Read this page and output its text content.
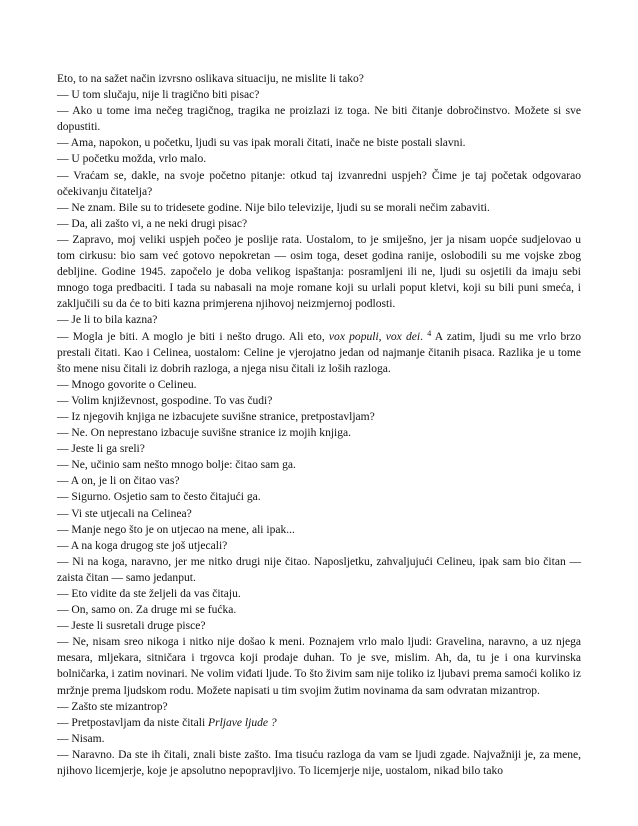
Eto, to na sažet način izvrsno oslikava situaciju, ne mislite li tako?

— U tom slučaju, nije li tragično biti pisac?

— Ako u tome ima nečeg tragičnog, tragika ne proizlazi iz toga. Ne biti čitanje dobročinstvo. Možete si sve dopustiti.

— Ama, napokon, u početku, ljudi su vas ipak morali čitati, inače ne biste postali slavni.

— U početku možda, vrlo malo.

— Vraćam se, dakle, na svoje početno pitanje: otkud taj izvanredni uspjeh? Čime je taj početak odgovarao očekivanju čitatelja?

— Ne znam. Bile su to tridesete godine. Nije bilo televizije, ljudi su se morali nečim zabaviti.

— Da, ali zašto vi, a ne neki drugi pisac?

— Zapravo, moj veliki uspjeh počeo je poslije rata. Uostalom, to je smiješno, jer ja nisam uopće sudjelovao u tom cirkusu: bio sam već gotovo nepokretan — osim toga, deset godina ranije, oslobodili su me vojske zbog debljine. Godine 1945. započelo je doba velikog ispaštanja: posramljeni ili ne, ljudi su osjetili da imaju sebi mnogo toga predbaciti. I tada su nabasali na moje romane koji su urlali poput kletvi, koji su bili puni smeća, i zaključili su da će to biti kazna primjerena njihovoj neizmjernoj podlosti.

— Je li to bila kazna?

— Mogla je biti. A moglo je biti i nešto drugo. Ali eto, vox populi, vox dei. $^4$ A zatim, ljudi su me vrlo brzo prestali čitati. Kao i Celinea, uostalom: Celine je vjerojatno jedan od najmanje čitanih pisaca. Razlika je u tome što mene nisu čitali iz dobrih razloga, a njega nisu čitali iz loših razloga.

— Mnogo govorite o Celineu.

— Volim književnost, gospodine. To vas čudi?

— Iz njegovih knjiga ne izbacujete suvišne stranice, pretpostavljam?

— Ne. On neprestano izbacuje suvišne stranice iz mojih knjiga.

— Jeste li ga sreli?

— Ne, učinio sam nešto mnogo bolje: čitao sam ga.

— A on, je li on čitao vas?

— Sigurno. Osjetio sam to često čitajući ga.

— Vi ste utjecali na Celinea?

— Manje nego što je on utjecao na mene, ali ipak...

— A na koga drugog ste još utjecali?

— Ni na koga, naravno, jer me nitko drugi nije čitao. Naposljetku, zahvaljujući Celineu, ipak sam bio čitan — zaista čitan — samo jedanput.

— Eto vidite da ste željeli da vas čitaju.

— On, samo on. Za druge mi se fućka.

— Jeste li susretali druge pisce?

— Ne, nisam sreo nikoga i nitko nije došao k meni. Poznajem vrlo malo ljudi: Gravelina, naravno, a uz njega mesara, mljekara, sitničara i trgovca koji prodaje duhan. To je sve, mislim. Ah, da, tu je i ona kurvinska bolničarka, i zatim novinari. Ne volim viđati ljude. To što živim sam nije toliko iz ljubavi prema samoći koliko iz mržnje prema ljudskom rodu. Možete napisati u tim svojim žutim novinama da sam odvratan mizantrop.

— Zašto ste mizantrop?

— Pretpostavljam da niste čitali Prljave ljude ?

— Nisam.

— Naravno. Da ste ih čitali, znali biste zašto. Ima tisuću razloga da vam se ljudi zgade. Najvažniji je, za mene, njihovo licemjerje, koje je apsolutno nepopravljivo. To licemjerje nije, uostalom, nikad bilo tako
